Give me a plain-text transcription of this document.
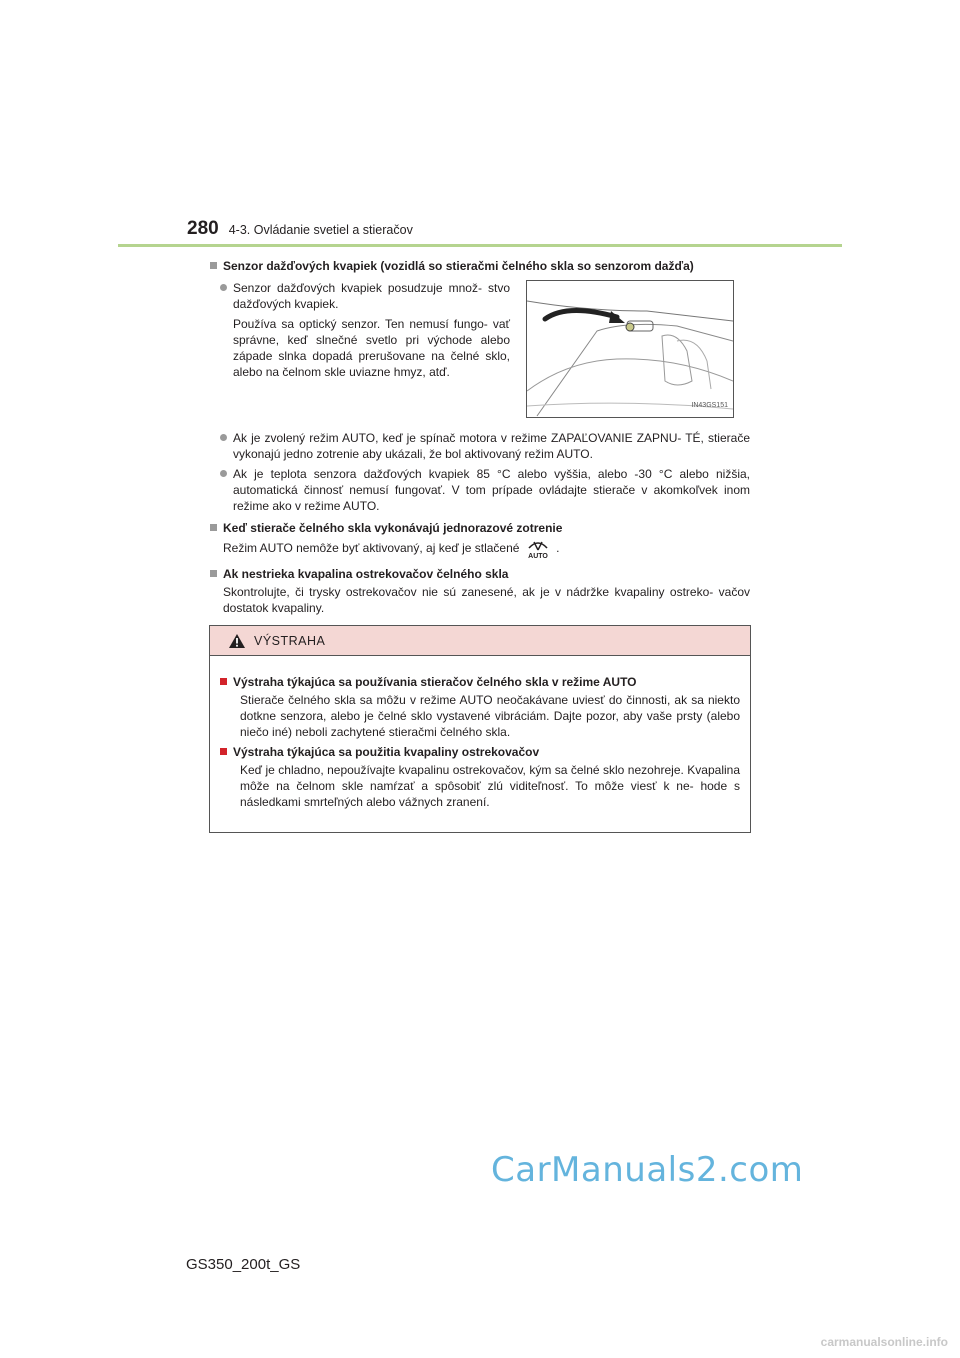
280 4-3. Ovládanie svetiel a stieračov
Senzor dažďových kvapiek (vozidlá so stieračmi čelného skla so senzorom dažďa)
Senzor dažďových kvapiek posudzuje množ- stvo dažďových kvapiek.
Používa sa optický senzor. Ten nemusí fungo- vať správne, keď slnečné svetlo pri východe alebo západe slnka dopadá prerušovane na čelné sklo, alebo na čelnom skle uviazne hmyz, atď.
IN43GS151
Ak je zvolený režim AUTO, keď je spínač motora v režime ZAPAĽOVANIE ZAPNU- TÉ, stierače vykonajú jedno zotrenie aby ukázali, že bol aktivovaný režim AUTO.
Ak je teplota senzora dažďových kvapiek 85 °C alebo vyššia, alebo -30 °C alebo nižšia, automatická činnosť nemusí fungovať. V tom prípade ovládajte stierače v akomkoľvek inom režime ako v režime AUTO.
Keď stierače čelného skla vykonávajú jednorazové zotrenie
Režim AUTO nemôže byť aktivovaný, aj keď je stlačené
AUTO
.
Ak nestrieka kvapalina ostrekovačov čelného skla
Skontrolujte, či trysky ostrekovačov nie sú zanesené, ak je v nádržke kvapaliny ostreko- vačov dostatok kvapaliny.
VÝSTRAHA
Výstraha týkajúca sa používania stieračov čelného skla v režime AUTO
Stierače čelného skla sa môžu v režime AUTO neočakávane uviesť do činnosti, ak sa niekto dotkne senzora, alebo je čelné sklo vystavené vibráciám. Dajte pozor, aby vaše prsty (alebo niečo iné) neboli zachytené stieračmi čelného skla.
Výstraha týkajúca sa použitia kvapaliny ostrekovačov
Keď je chladno, nepoužívajte kvapalinu ostrekovačov, kým sa čelné sklo nezohreje. Kvapalina môže na čelnom skle namŕzať a spôsobiť zlú viditeľnosť. To môže viesť k ne- hode s následkami smrteľných alebo vážnych zranení.
CarManuals2.com
GS350_200t_GS
carmanualsonline.info
